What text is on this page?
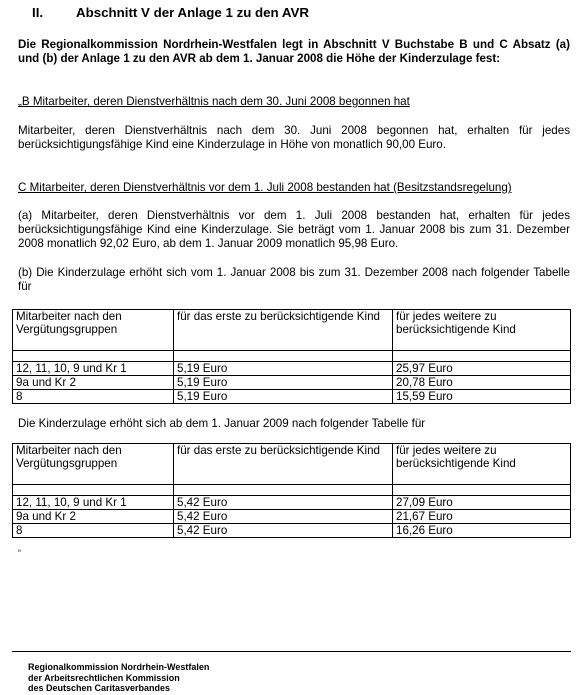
II. Abschnitt V der Anlage 1 zu den AVR
Die Regionalkommission Nordrhein-Westfalen legt in Abschnitt V Buchstabe B und C Absatz (a) und (b) der Anlage 1 zu den AVR ab dem 1. Januar 2008 die Höhe der Kinderzulage fest:
„B Mitarbeiter, deren Dienstverhältnis nach dem 30. Juni 2008 begonnen hat
Mitarbeiter, deren Dienstverhältnis nach dem 30. Juni 2008 begonnen hat, erhalten für jedes berücksichtigungsfähige Kind eine Kinderzulage in Höhe von monatlich 90,00 Euro.
C Mitarbeiter, deren Dienstverhältnis vor dem 1. Juli 2008 bestanden hat (Besitzstandsregelung)
(a) Mitarbeiter, deren Dienstverhältnis vor dem 1. Juli 2008 bestanden hat, erhalten für jedes berücksichtigungsfähige Kind eine Kinderzulage. Sie beträgt vom 1. Januar 2008 bis zum 31. Dezember 2008 monatlich 92,02 Euro, ab dem 1. Januar 2009 monatlich 95,98 Euro.
(b) Die Kinderzulage erhöht sich vom 1. Januar 2008 bis zum 31. Dezember 2008 nach folgender Tabelle für
Mitarbeiter nach den Vergütungsgruppen	für das erste zu berücksichtigende Kind	für jedes weitere zu berücksichtigende Kind

12, 11, 10, 9 und Kr 1	5,19 Euro	25,97 Euro
9a und Kr 2	5,19 Euro	20,78 Euro
8	5,19 Euro	15,59 Euro
Die Kinderzulage erhöht sich ab dem 1. Januar 2009 nach folgender Tabelle für
Mitarbeiter nach den Vergütungsgruppen	für das erste zu berücksichtigende Kind	für jedes weitere zu berücksichtigende Kind

12, 11, 10, 9 und Kr 1	5,42 Euro	27,09 Euro
9a und Kr 2	5,42 Euro	21,67 Euro
8	5,42 Euro	16,26 Euro
“
Regionalkommission Nordrhein-Westfalen
der Arbeitsrechtlichen Kommission
des Deutschen Caritasverbandes
